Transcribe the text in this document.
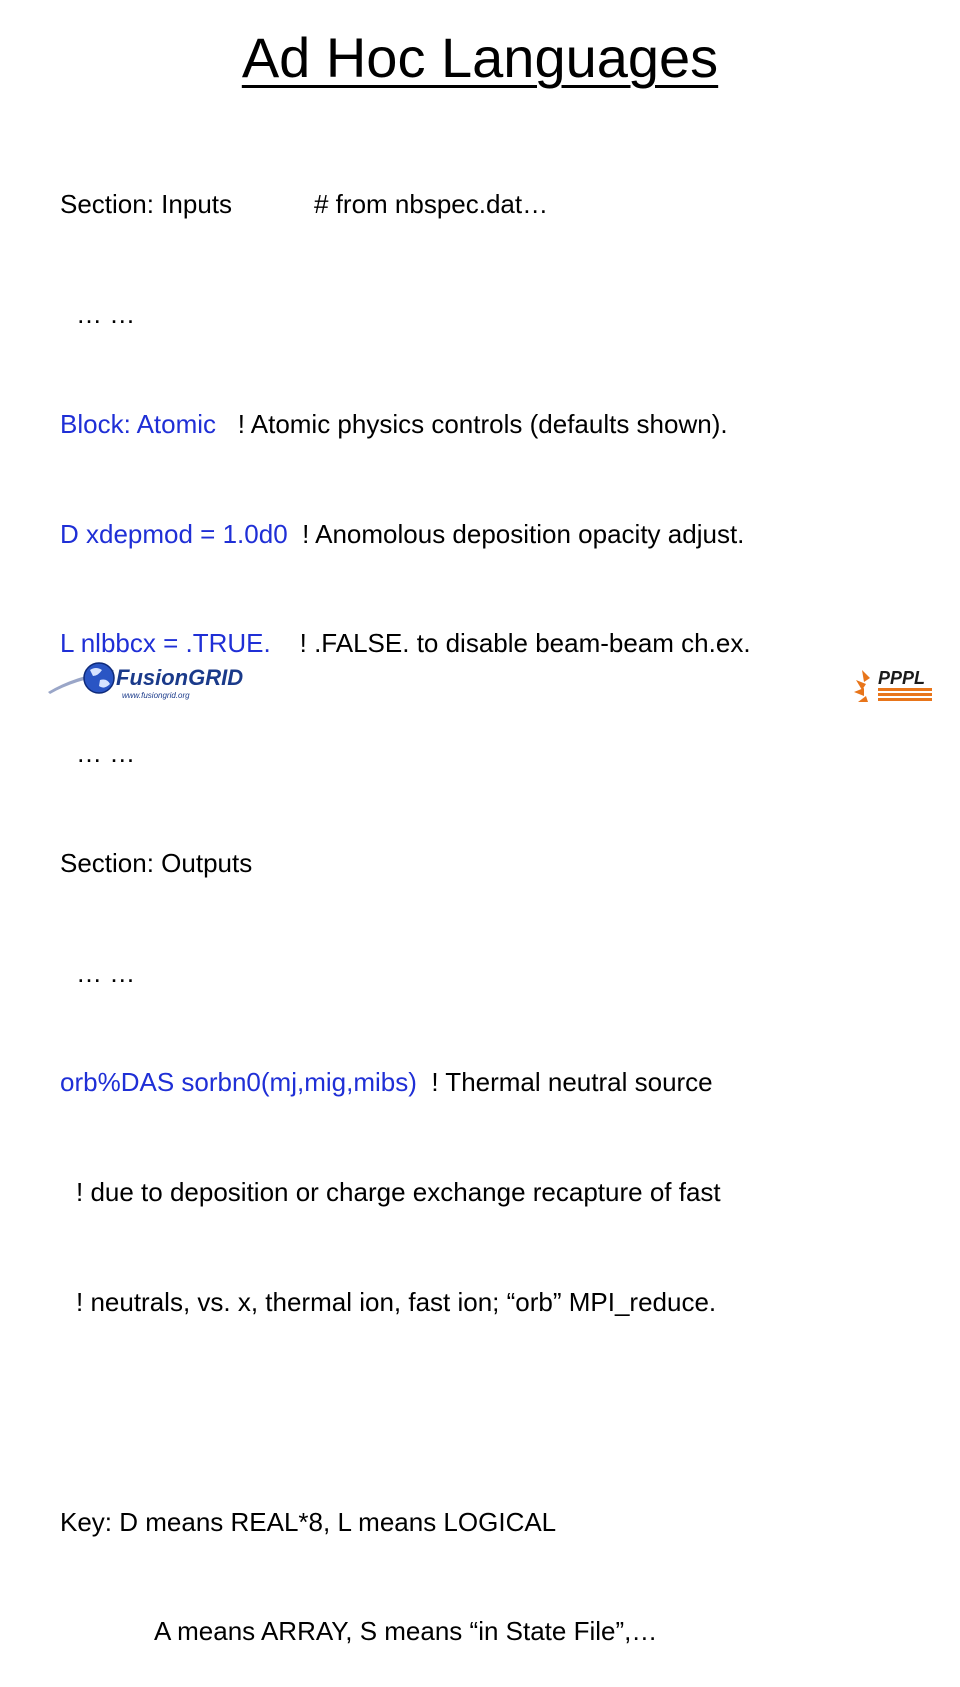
Ad Hoc Languages

Section: Inputs	# from nbspec.dat…

… …

Block: Atomic ! Atomic physics controls (defaults shown).

D xdepmod = 1.0d0 ! Anomolous deposition opacity adjust.

L nlbbcx = .TRUE. ! .FALSE. to disable beam-beam ch.ex.

… …

Section: Outputs

… …

orb%DAS sorbn0(mj,mig,mibs) ! Thermal neutral source

! due to deposition or charge exchange recapture of fast

! neutrals, vs. x, thermal ion, fast ion; “orb” MPI_reduce.

Key: D means REAL*8, L means LOGICAL

A means ARRAY, S means “in State File”,…

FusionGRID
www.fusiongrid.org
PPPL
